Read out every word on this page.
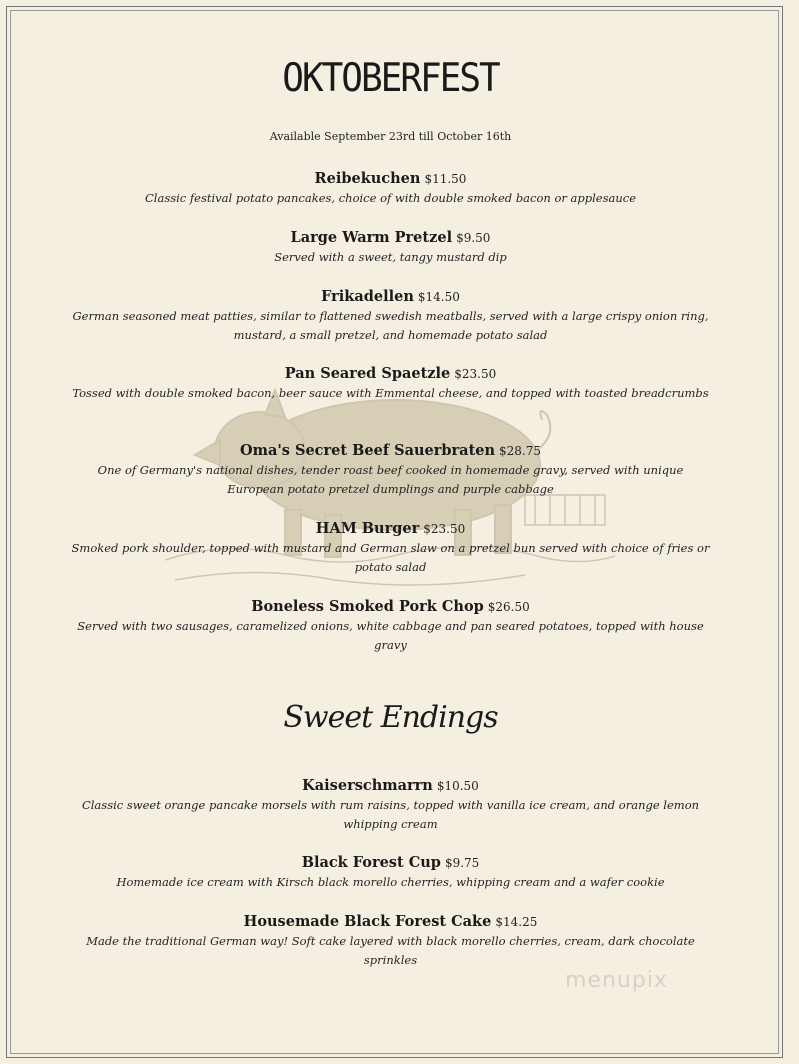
OKTOBERFEST
Available September 23rd till October 16th
Reibekuchen $11.50
Classic festival potato pancakes, choice of with double smoked bacon or applesauce
Large Warm Pretzel $9.50
Served with a sweet, tangy mustard dip
Frikadellen $14.50
German seasoned meat patties, similar to flattened swedish meatballs, served with a large crispy onion ring, mustard, a small pretzel, and homemade potato salad
Pan Seared Spaetzle $23.50
Tossed with double smoked bacon, beer sauce with Emmental cheese, and topped with toasted breadcrumbs
Oma's Secret Beef Sauerbraten $28.75
One of Germany's national dishes, tender roast beef cooked in homemade gravy, served with unique European potato pretzel dumplings and purple cabbage
HAM Burger $23.50
Smoked pork shoulder, topped with mustard and German slaw on a pretzel bun served with choice of fries or potato salad
Boneless Smoked Pork Chop $26.50
Served with two sausages, caramelized onions, white cabbage and pan seared potatoes, topped with house gravy
Sweet Endings
Kaiserschmarrn $10.50
Classic sweet orange pancake morsels with rum raisins, topped with vanilla ice cream, and orange lemon whipping cream
Black Forest Cup $9.75
Homemade ice cream with Kirsch black morello cherries, whipping cream and a wafer cookie
Housemade Black Forest Cake $14.25
Made the traditional German way! Soft cake layered with black morello cherries, cream, dark chocolate sprinkles
menupix
